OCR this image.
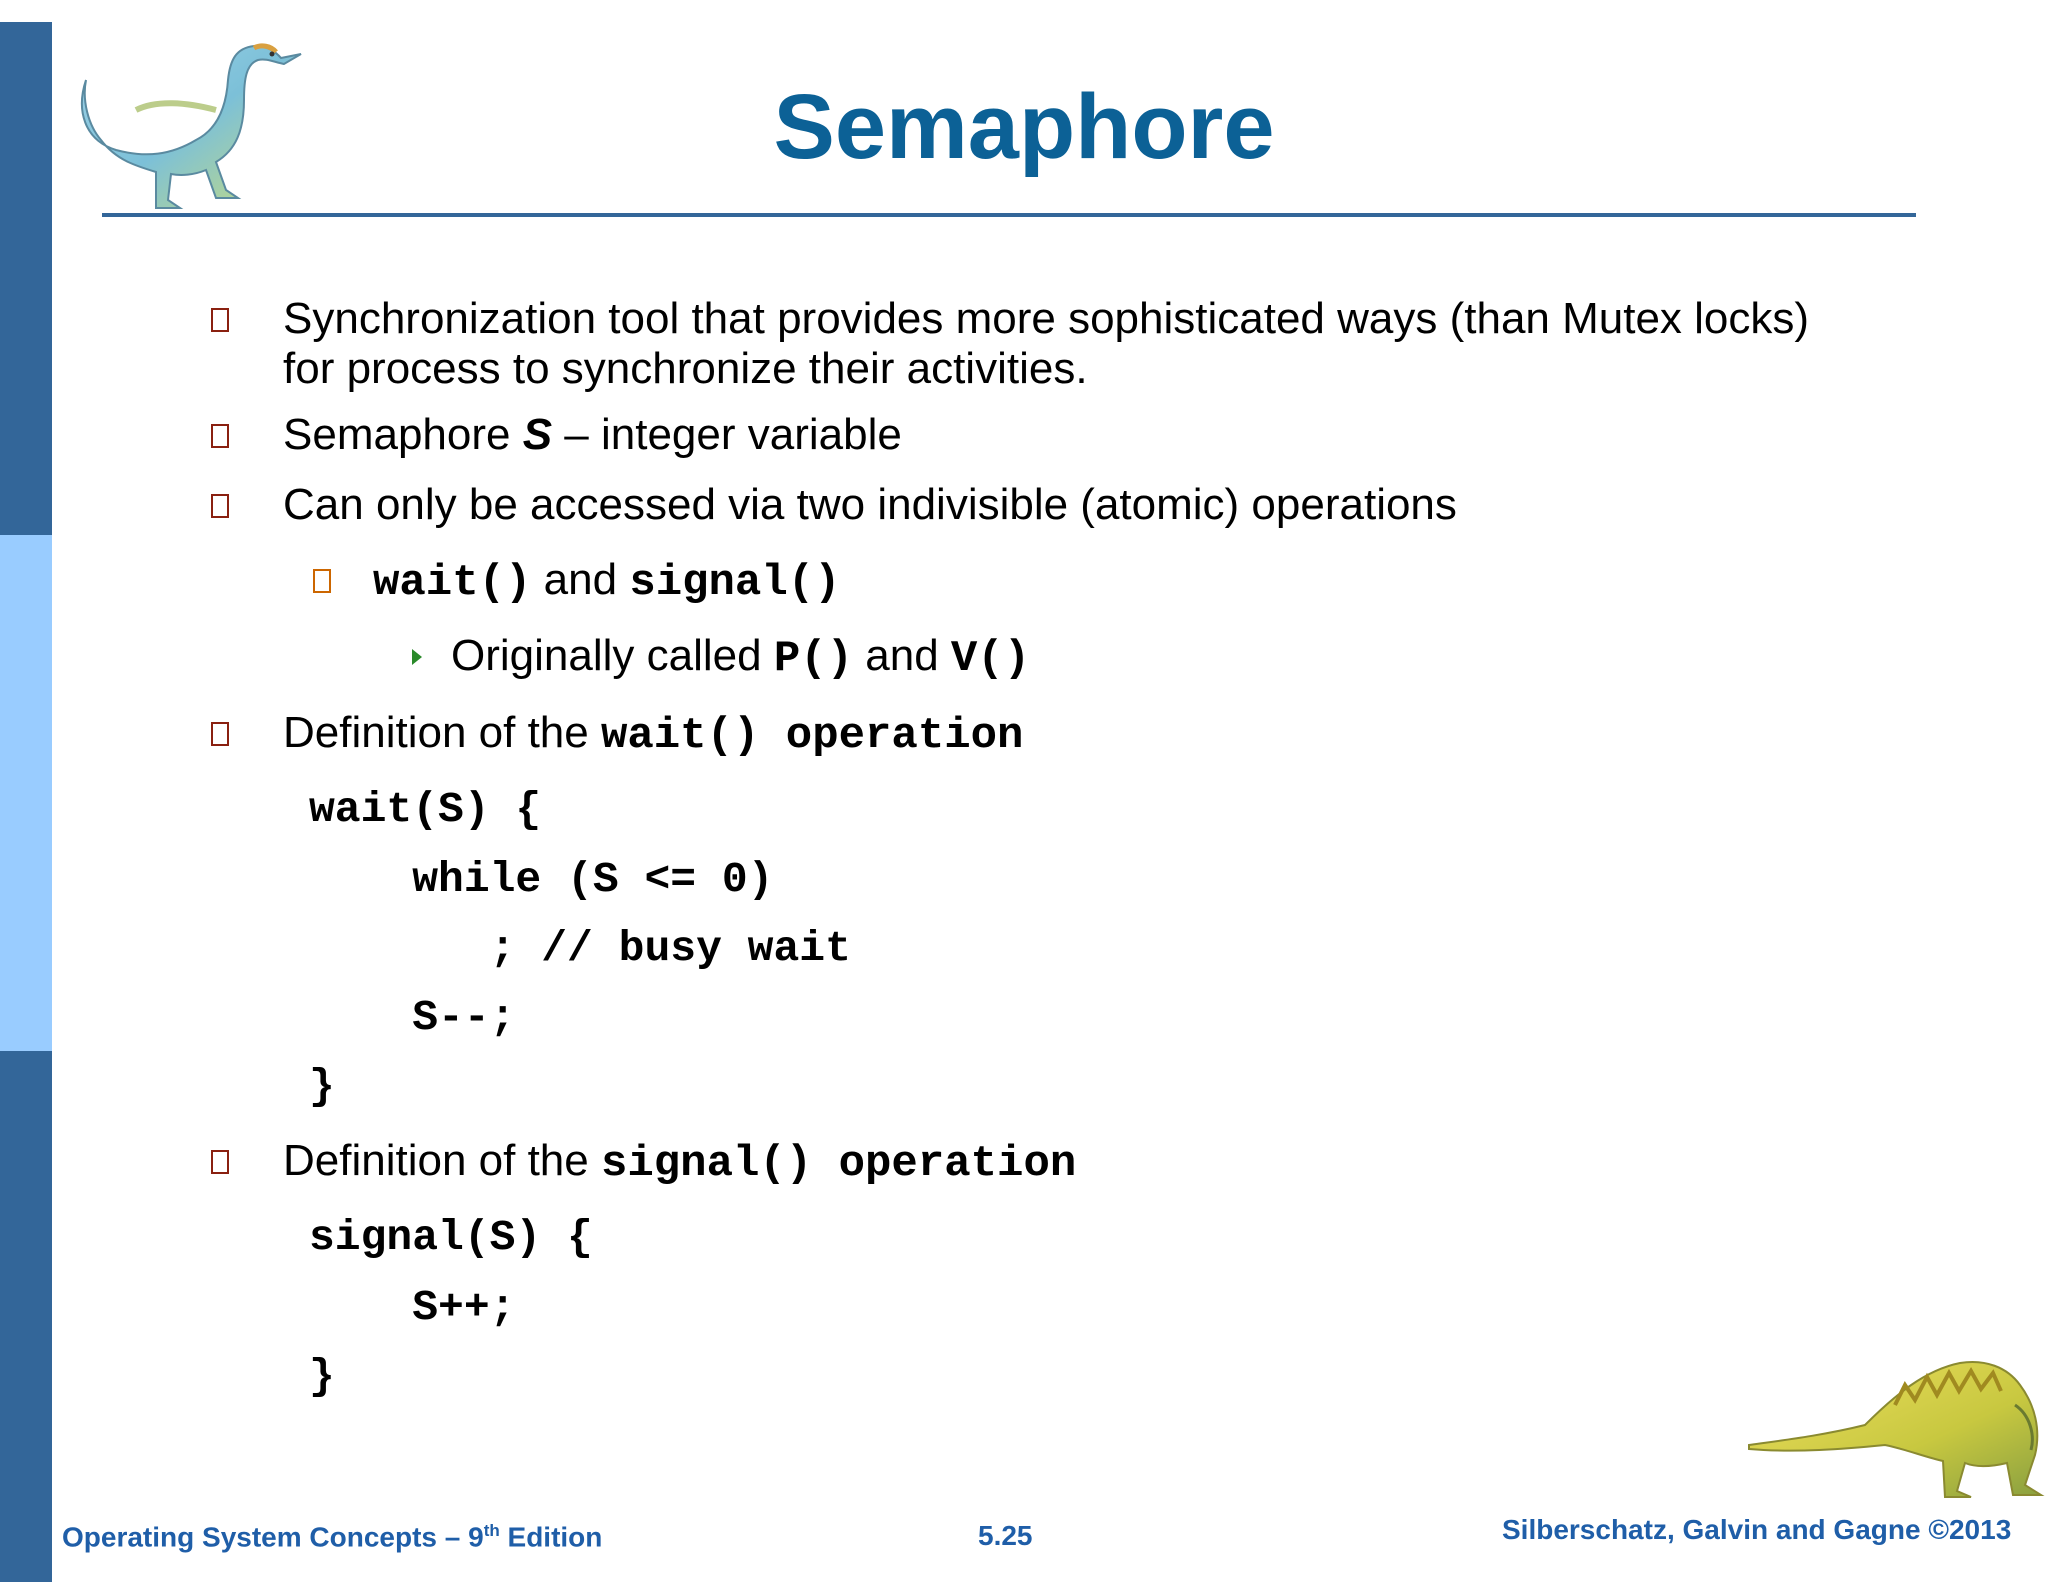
Semaphore
Synchronization tool that provides more sophisticated ways (than Mutex locks)
for process to synchronize their activities.
Semaphore S – integer variable
Can only be accessed via two indivisible (atomic) operations
wait() and signal()
Originally called P() and V()
Definition of the wait() operation
wait(S) {
while (S <= 0)
; // busy wait
S--;
}
Definition of the signal() operation
signal(S) {
S++;
}
Operating System Concepts – 9th Edition	5.25	Silberschatz, Galvin and Gagne ©2013
